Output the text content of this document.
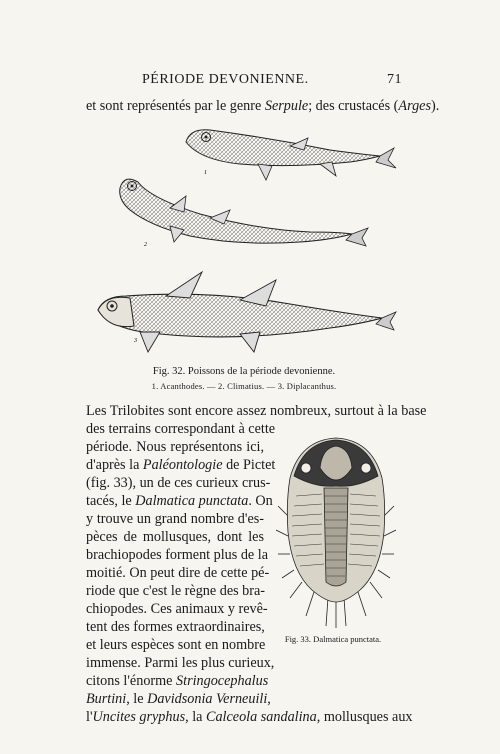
PÉRIODE DEVONIENNE.	71
et sont représentés par le genre Serpule; des crustacés (Arges).
1
2
3
Fig. 32. Poissons de la période devonienne.
1. Acanthodes. — 2. Climatius. — 3. Diplacanthus.
Les Trilobites sont encore assez nombreux, surtout à la base
des terrains correspondant à cette
période. Nous représentons ici,
d'après la Paléontologie de Pictet
(fig. 33), un de ces curieux crus-
tacés, le Dalmatica punctata. On
y trouve un grand nombre d'es-
pèces de mollusques, dont les
brachiopodes forment plus de la
moitié. On peut dire de cette pé-
riode que c'est le règne des bra-
chiopodes. Ces animaux y revê-
tent des formes extraordinaires,
et leurs espèces sont en nombre
immense. Parmi les plus curieux,
citons l'énorme Stringocephalus
Burtini, le Davidsonia Verneuili,
l'Uncites gryphus, la Calceola sandalina, mollusques aux
Fig. 33. Dalmatica punctata.
